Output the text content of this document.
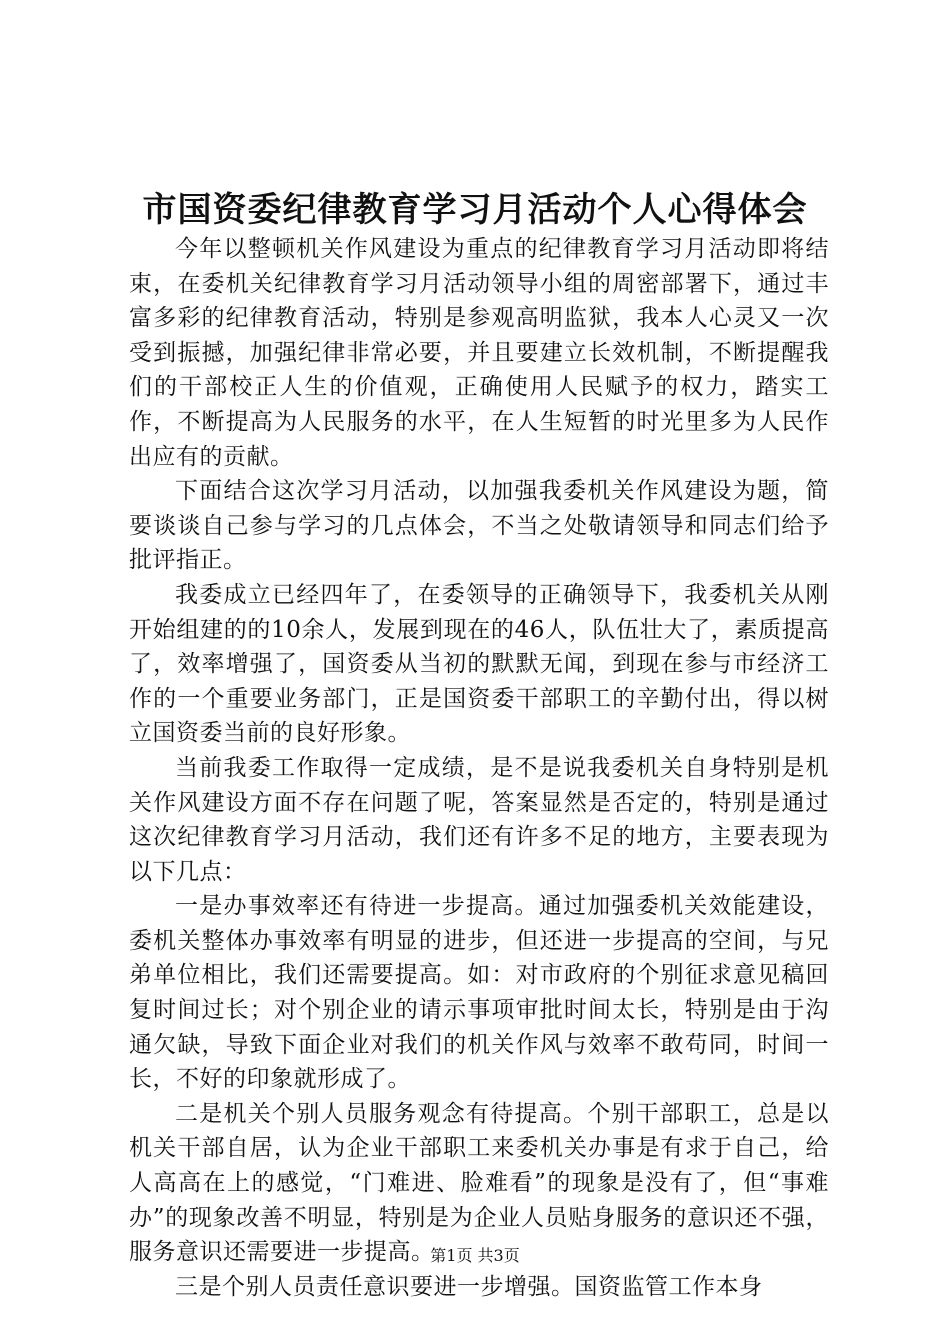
市国资委纪律教育学习月活动个人心得体会

今年以整顿机关作风建设为重点的纪律教育学习月活动即将结束，在委机关纪律教育学习月活动领导小组的周密部署下，通过丰富多彩的纪律教育活动，特别是参观高明监狱，我本人心灵又一次受到振撼，加强纪律非常必要，并且要建立长效机制，不断提醒我们的干部校正人生的价值观，正确使用人民赋予的权力，踏实工作，不断提高为人民服务的水平，在人生短暂的时光里多为人民作出应有的贡献。

下面结合这次学习月活动，以加强我委机关作风建设为题，简要谈谈自己参与学习的几点体会，不当之处敬请领导和同志们给予批评指正。

我委成立已经四年了，在委领导的正确领导下，我委机关从刚开始组建的的10余人，发展到现在的46人，队伍壮大了，素质提高了，效率增强了，国资委从当初的默默无闻，到现在参与市经济工作的一个重要业务部门，正是国资委干部职工的辛勤付出，得以树立国资委当前的良好形象。

当前我委工作取得一定成绩，是不是说我委机关自身特别是机关作风建设方面不存在问题了呢，答案显然是否定的，特别是通过这次纪律教育学习月活动，我们还有许多不足的地方，主要表现为以下几点：

一是办事效率还有待进一步提高。通过加强委机关效能建设，委机关整体办事效率有明显的进步，但还进一步提高的空间，与兄弟单位相比，我们还需要提高。如：对市政府的个别征求意见稿回复时间过长；对个别企业的请示事项审批时间太长，特别是由于沟通欠缺，导致下面企业对我们的机关作风与效率不敢苟同，时间一长，不好的印象就形成了。

二是机关个别人员服务观念有待提高。个别干部职工，总是以机关干部自居，认为企业干部职工来委机关办事是有求于自己，给人高高在上的感觉，“门难进、脸难看”的现象是没有了，但“事难办”的现象改善不明显，特别是为企业人员贴身服务的意识还不强，服务意识还需要进一步提高。

三是个别人员责任意识要进一步增强。国资监管工作本身

第1页 共3页
